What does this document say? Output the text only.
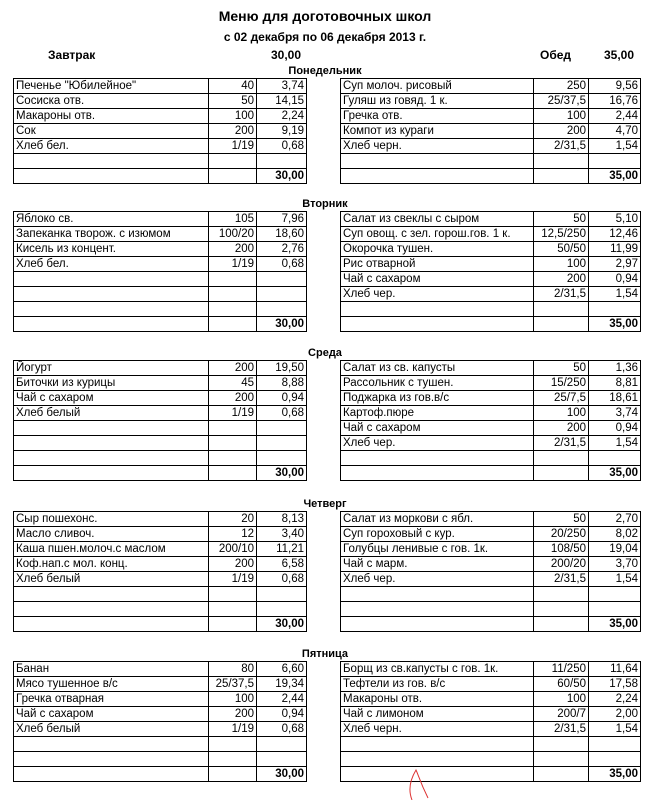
Меню для доготовочных школ
с 02 декабря по 06 декабря 2013 г.
Завтрак	30,00	Обед	35,00
Понедельник
Печенье "Юбилейное"	40	3,74
Сосиска отв.	50	14,15
Макароны отв.	100	2,24
Сок	200	9,19
Хлеб бел.	1/19	0,68

		30,00
Суп молоч. рисовый	250	9,56
Гуляш из говяд. 1 к.	25/37,5	16,76
Гречка отв.	100	2,44
Компот из кураги	200	4,70
Хлеб черн.	2/31,5	1,54

		35,00
Вторник
Яблоко св.	105	7,96
Запеканка творож. с изюмом	100/20	18,60
Кисель из концент.	200	2,76
Хлеб бел.	1/19	0,68

		30,00
Салат из свеклы с сыром	50	5,10
Суп овощ. с зел. горош.гов. 1 к.	12,5/250	12,46
Окорочка тушен.	50/50	11,99
Рис отварной	100	2,97
Чай с сахаром	200	0,94
Хлеб чер.	2/31,5	1,54

		35,00
Среда
Йогурт	200	19,50
Биточки из курицы	45	8,88
Чай с сахаром	200	0,94
Хлеб белый	1/19	0,68

		30,00
Салат из св. капусты	50	1,36
Рассольник с тушен.	15/250	8,81
Поджарка из гов.в/с	25/7,5	18,61
Картоф.пюре	100	3,74
Чай с сахаром	200	0,94
Хлеб чер.	2/31,5	1,54

		35,00
Четверг
Сыр пошехонс.	20	8,13
Масло сливоч.	12	3,40
Каша пшен.молоч.с маслом	200/10	11,21
Коф.нап.с мол. конц.	200	6,58
Хлеб белый	1/19	0,68

		30,00
Салат из моркови с ябл.	50	2,70
Суп гороховый с кур.	20/250	8,02
Голубцы ленивые с гов. 1к.	108/50	19,04
Чай с марм.	200/20	3,70
Хлеб чер.	2/31,5	1,54

		35,00
Пятница
Банан	80	6,60
Мясо тушенное в/с	25/37,5	19,34
Гречка отварная	100	2,44
Чай с сахаром	200	0,94
Хлеб белый	1/19	0,68

		30,00
Борщ из св.капусты с гов. 1к.	11/250	11,64
Тефтели из гов. в/с	60/50	17,58
Макароны отв.	100	2,24
Чай с лимоном	200/7	2,00
Хлеб черн.	2/31,5	1,54

		35,00
